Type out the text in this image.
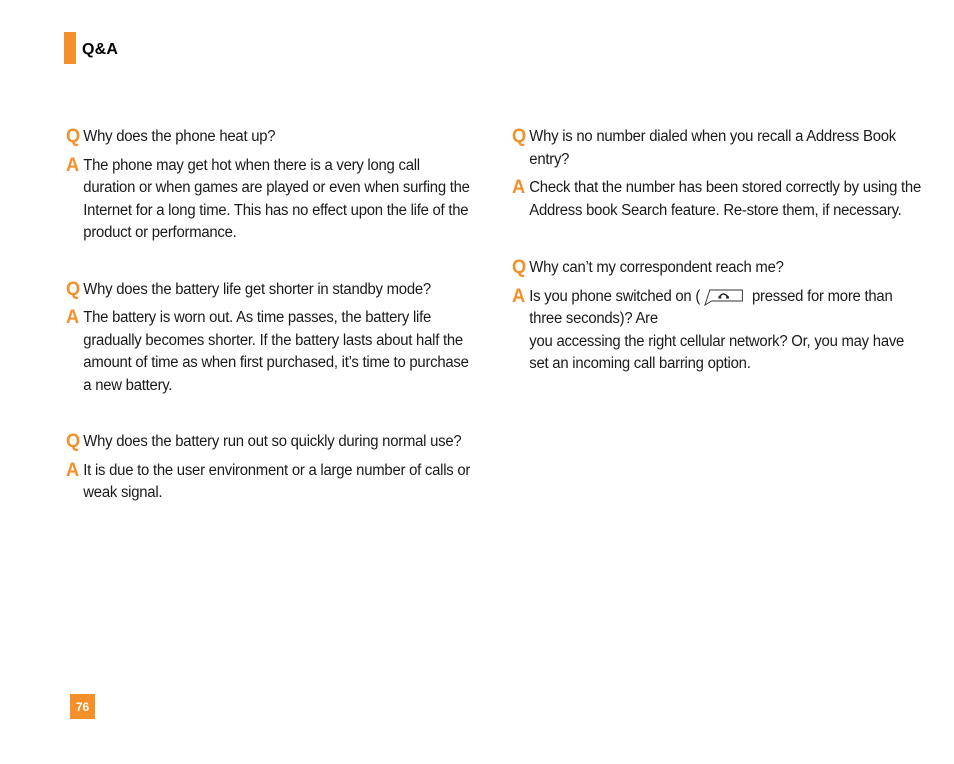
Q&A
Q Why does the phone heat up?
A The phone may get hot when there is a very long call duration or when games are played or even when surfing the Internet for a long time. This has no effect upon the life of the product or performance.
Q Why does the battery life get shorter in standby mode?
A The battery is worn out. As time passes, the battery life gradually becomes shorter. If the battery lasts about half the amount of time as when first purchased, it’s time to purchase a new battery.
Q Why does the battery run out so quickly during normal use?
A It is due to the user environment or a large number of calls or weak signal.
Q Why is no number dialed when you recall a Address Book entry?
A Check that the number has been stored correctly by using the Address book Search feature. Re-store them, if necessary.
Q Why can’t my correspondent reach me?
A Is you phone switched on (	pressed for more than three seconds)? Are
you accessing the right cellular network? Or, you may have set an incoming call barring option.
76
